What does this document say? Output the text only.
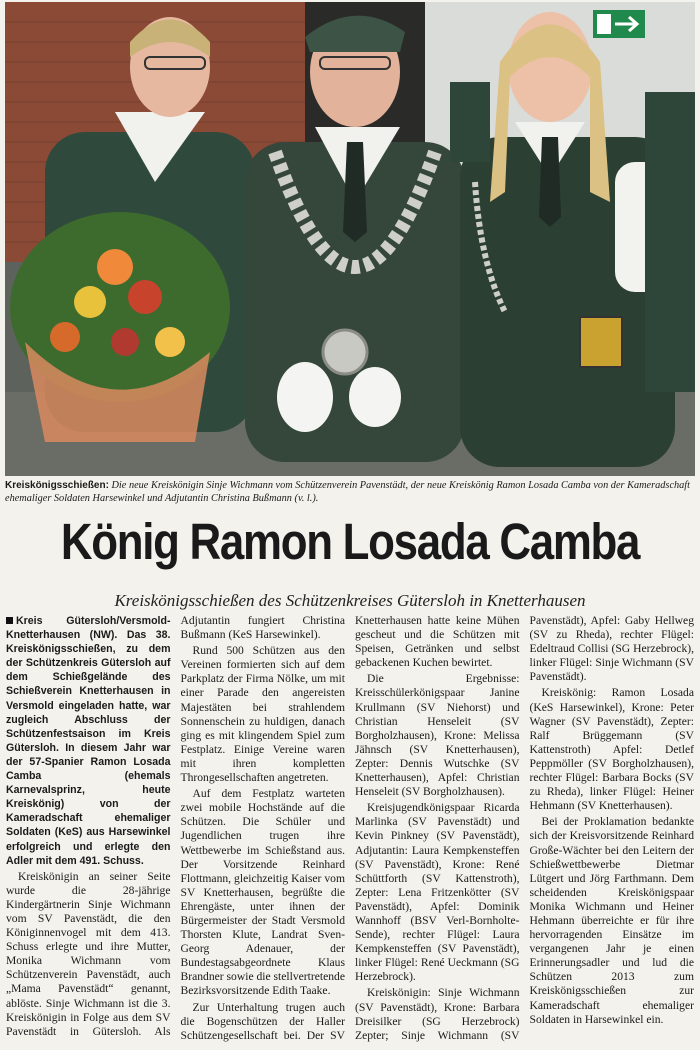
Kreiskönigsschießen: Die neue Kreiskönigin Sinje Wichmann vom Schützenverein Pavenstädt, der neue Kreiskönig Ramon Losada Camba von der Kameradschaft ehemaliger Soldaten Harsewinkel und Adjutantin Christina Bußmann (v. l.).
König Ramon Losada Camba
Kreiskönigsschießen des Schützenkreises Gütersloh in Knetterhausen

Kreis Gütersloh/Versmold-Knetterhausen (NW). Das 38. Kreiskönigsschießen, zu dem der Schützenkreis Gütersloh auf dem Schießgelände des Schießverein Knetterhausen in Versmold eingeladen hatte, war zugleich Abschluss der Schützenfestsaison im Kreis Gütersloh. In diesem Jahr war der 57-Spanier Ramon Losada Camba (ehemals Karnevalsprinz, heute Kreiskönig) von der Kameradschaft ehemaliger Soldaten (KeS) aus Harsewinkel erfolgreich und erlegte den Adler mit dem 491. Schuss.

Kreiskönigin an seiner Seite wurde die 28-jährige Kindergärtnerin Sinje Wichmann vom SV Pavenstädt, die den Königinnenvogel mit dem 413. Schuss erlegte und ihre Mutter, Monika Wichmann vom Schützenverein Pavenstädt, auch „Mama Pavenstädt“ genannt, ablöste. Sinje Wichmann ist die 3. Kreiskönigin in Folge aus dem SV Pavenstädt in Gütersloh. Als Adjutantin fungiert Christina Bußmann (KeS Harsewinkel).

Rund 500 Schützen aus den Vereinen formierten sich auf dem Parkplatz der Firma Nölke, um mit einer Parade den angereisten Majestäten bei strahlendem Sonnenschein zu huldigen, danach ging es mit klingendem Spiel zum Festplatz. Einige Vereine waren mit ihren kompletten Throngesellschaften angetreten.

Auf dem Festplatz warteten zwei mobile Hochstände auf die Schützen. Die Schüler und Jugendlichen trugen ihre Wettbewerbe im Schießstand aus. Der Vorsitzende Reinhard Flottmann, gleichzeitig Kaiser vom SV Knetterhausen, begrüßte die Ehrengäste, unter ihnen der Bürgermeister der Stadt Versmold Thorsten Klute, Landrat Sven-Georg Adenauer, der Bundestagsabgeordnete Klaus Brandner sowie die stellvertretende Bezirksvorsitzende Edith Taake.

Zur Unterhaltung trugen auch die Bogenschützen der Haller Schützengesellschaft bei. Der SV Knetterhausen hatte keine Mühen gescheut und die Schützen mit Speisen, Getränken und selbst gebackenen Kuchen bewirtet.

Die Ergebnisse: Kreisschülerkönigspaar Janine Krullmann (SV Niehorst) und Christian Henseleit (SV Borgholzhausen), Krone: Melissa Jähnsch (SV Knetterhausen), Zepter: Dennis Wutschke (SV Knetterhausen), Apfel: Christian Henseleit (SV Borgholzhausen).

Kreisjugendkönigspaar Ricarda Marlinka (SV Pavenstädt) und Kevin Pinkney (SV Pavenstädt), Adjutantin: Laura Kempkensteffen (SV Pavenstädt), Krone: René Schüttforth (SV Kattenstroth), Zepter: Lena Fritzenkötter (SV Pavenstädt), Apfel: Dominik Wannhoff (BSV Verl-Bornholte-Sende), rechter Flügel: Laura Kempkensteffen (SV Pavenstädt), linker Flügel: René Ueckmann (SG Herzebrock).

Kreiskönigin: Sinje Wichmann (SV Pavenstädt), Krone: Barbara Dreisilker (SG Herzebrock) Zepter; Sinje Wichmann (SV Pavenstädt), Apfel: Gaby Hellweg (SV zu Rheda), rechter Flügel: Edeltraud Collisi (SG Herzebrock), linker Flügel: Sinje Wichmann (SV Pavenstädt).

Kreiskönig: Ramon Losada (KeS Harsewinkel), Krone: Peter Wagner (SV Pavenstädt), Zepter: Ralf Brüggemann (SV Kattenstroth) Apfel: Detlef Peppmöller (SV Borgholzhausen), rechter Flügel: Barbara Bocks (SV zu Rheda), linker Flügel: Heiner Hehmann (SV Knetterhausen).

Bei der Proklamation bedankte sich der Kreisvorsitzende Reinhard Große-Wächter bei den Leitern der Schießwettbewerbe Dietmar Lütgert und Jörg Farthmann. Dem scheidenden Kreiskönigspaar Monika Wichmann und Heiner Hehmann überreichte er für ihre hervorragenden Einsätze im vergangenen Jahr je einen Erinnerungsadler und lud die Schützen 2013 zum Kreiskönigsschießen zur Kameradschaft ehemaliger Soldaten in Harsewinkel ein.
